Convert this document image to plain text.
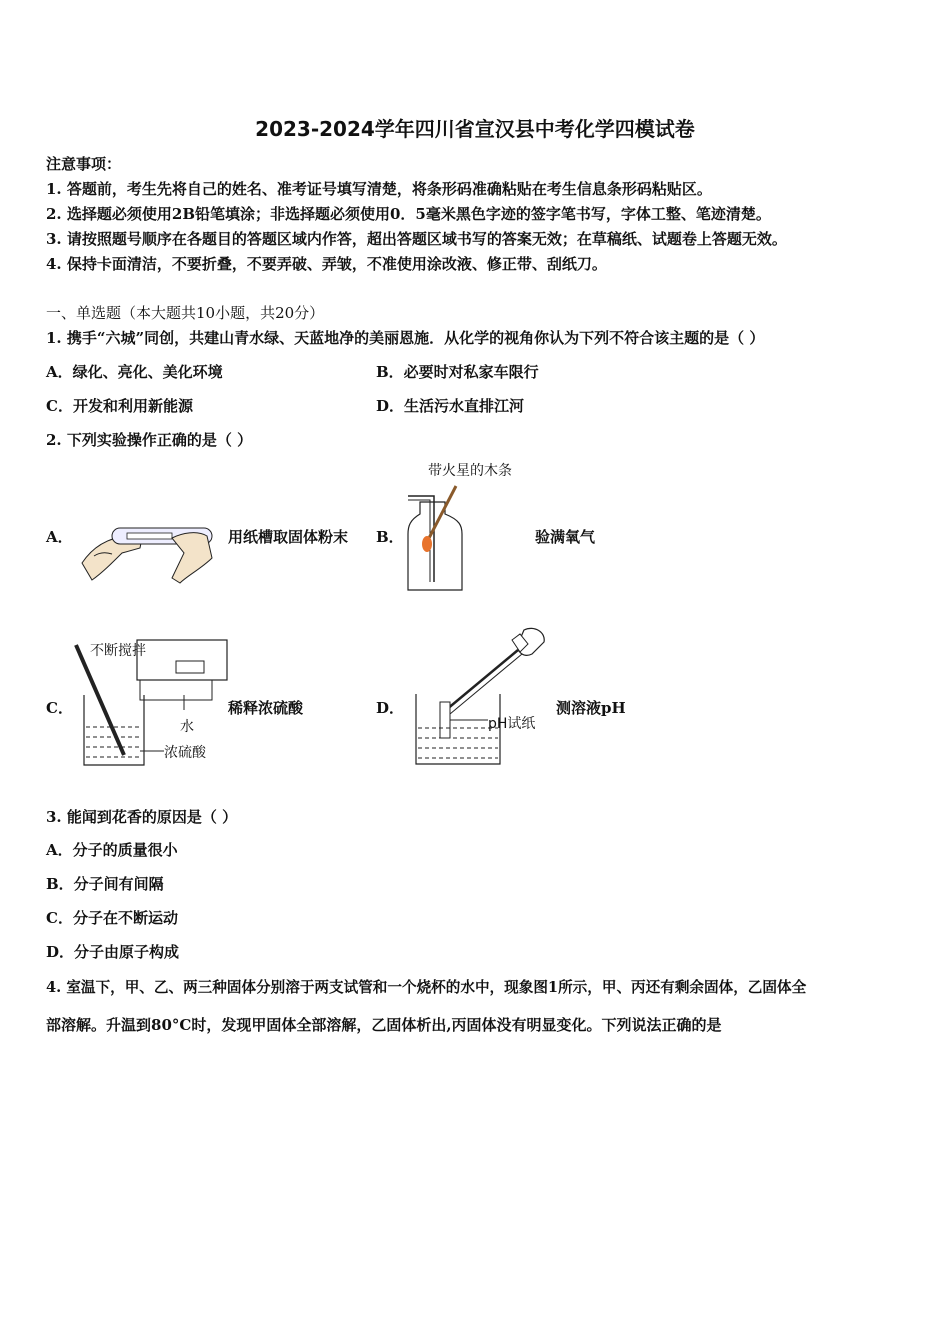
2023-2024学年四川省宣汉县中考化学四模试卷
注意事项：
1. 答题前，考生先将自己的姓名、准考证号填写清楚，将条形码准确粘贴在考生信息条形码粘贴区。
2. 选择题必须使用2B铅笔填涂；非选择题必须使用0．5毫米黑色字迹的签字笔书写，字体工整、笔迹清楚。
3. 请按照题号顺序在各题目的答题区域内作答，超出答题区域书写的答案无效；在草稿纸、试题卷上答题无效。
4. 保持卡面清洁，不要折叠，不要弄破、弄皱，不准使用涂改液、修正带、刮纸刀。
一、单选题（本大题共10小题，共20分）
1. 携手“六城”同创，共建山青水绿、天蓝地净的美丽恩施．从化学的视角你认为下列不符合该主题的是（ ）
A．绿化、亮化、美化环境	B．必要时对私家车限行
C．开发和利用新能源	D．生活污水直排江河
2. 下列实验操作正确的是（ ）
A．	用纸槽取固体粉末 B．
带火星的木条
验满氧气
C．
不断搅拌
水
浓硫酸
稀释浓硫酸	D．
pH试纸
测溶液pH
3. 能闻到花香的原因是（ ）
A．分子的质量很小
B．分子间有间隔
C．分子在不断运动
D．分子由原子构成
4. 室温下，甲、乙、两三种固体分别溶于两支试管和一个烧杯的水中，现象图1所示，甲、丙还有剩余固体，乙固体全
部溶解。升温到80°C时，发现甲固体全部溶解，乙固体析出,丙固体没有明显变化。下列说法正确的是
